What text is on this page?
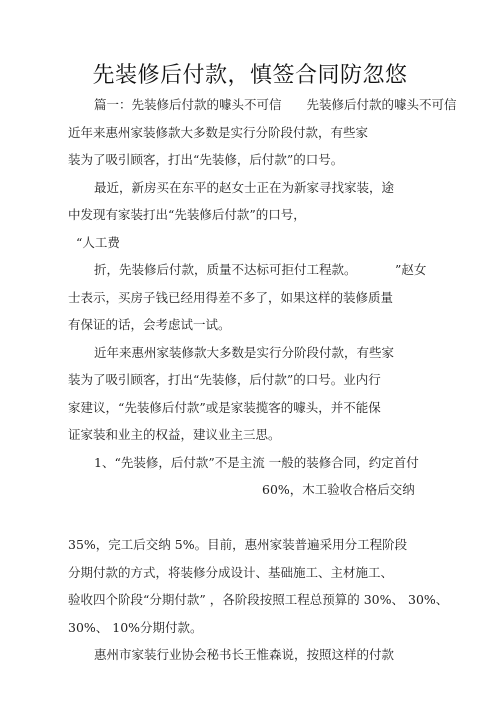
先装修后付款，慎签合同防忽悠
篇一：先装修后付款的噱头不可信　　先装修后付款的噱头不可信
近年来惠州家装修款大多数是实行分阶段付款，有些家
装为了吸引顾客，打出“先装修，后付款”的口号。
最近，新房买在东平的赵女士正在为新家寻找家装，途
中发现有家装打出“先装修后付款”的口号，
“人工费
折，先装修后付款，质量不达标可拒付工程款。	”赵女
士表示，买房子钱已经用得差不多了，如果这样的装修质量
有保证的话，会考虑试一试。
近年来惠州家装修款大多数是实行分阶段付款，有些家
装为了吸引顾客，打出“先装修，后付款”的口号。业内行
家建议，“先装修后付款”或是家装揽客的噱头，并不能保
证家装和业主的权益，建议业主三思。
1、“先装修，后付款”不是主流 一般的装修合同，约定首付
60%，木工验收合格后交纳
35%，完工后交纳 5%。目前，惠州家装普遍采用分工程阶段
分期付款的方式，将装修分成设计、基础施工、主材施工、
验收四个阶段“分期付款” ，各阶段按照工程总预算的 30%、 30%、
30%、 10%分期付款。
惠州市家装行业协会秘书长王惟森说，按照这样的付款
